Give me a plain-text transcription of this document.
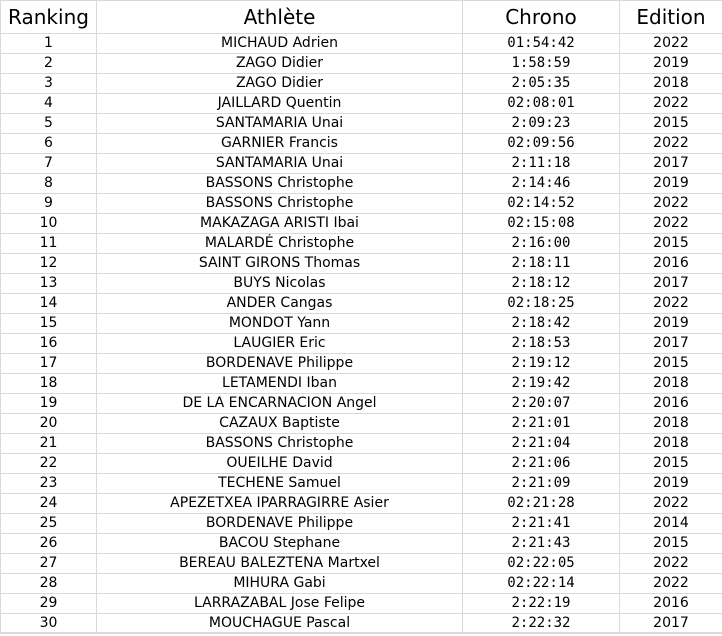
Ranking	Athlète	Chrono	Edition
1	MICHAUD Adrien	01:54:42	2022
2	ZAGO Didier	1:58:59	2019
3	ZAGO Didier	2:05:35	2018
4	JAILLARD Quentin	02:08:01	2022
5	SANTAMARIA Unai	2:09:23	2015
6	GARNIER Francis	02:09:56	2022
7	SANTAMARIA Unai	2:11:18	2017
8	BASSONS Christophe	2:14:46	2019
9	BASSONS Christophe	02:14:52	2022
10	MAKAZAGA ARISTI Ibai	02:15:08	2022
11	MALARDÉ Christophe	2:16:00	2015
12	SAINT GIRONS Thomas	2:18:11	2016
13	BUYS Nicolas	2:18:12	2017
14	ANDER Cangas	02:18:25	2022
15	MONDOT Yann	2:18:42	2019
16	LAUGIER Eric	2:18:53	2017
17	BORDENAVE Philippe	2:19:12	2015
18	LETAMENDI Iban	2:19:42	2018
19	DE LA ENCARNACION Angel	2:20:07	2016
20	CAZAUX Baptiste	2:21:01	2018
21	BASSONS Christophe	2:21:04	2018
22	OUEILHE David	2:21:06	2015
23	TECHENE Samuel	2:21:09	2019
24	APEZETXEA IPARRAGIRRE Asier	02:21:28	2022
25	BORDENAVE Philippe	2:21:41	2014
26	BACOU Stephane	2:21:43	2015
27	BEREAU BALEZTENA Martxel	02:22:05	2022
28	MIHURA Gabi	02:22:14	2022
29	LARRAZABAL Jose Felipe	2:22:19	2016
30	MOUCHAGUE Pascal	2:22:32	2017
